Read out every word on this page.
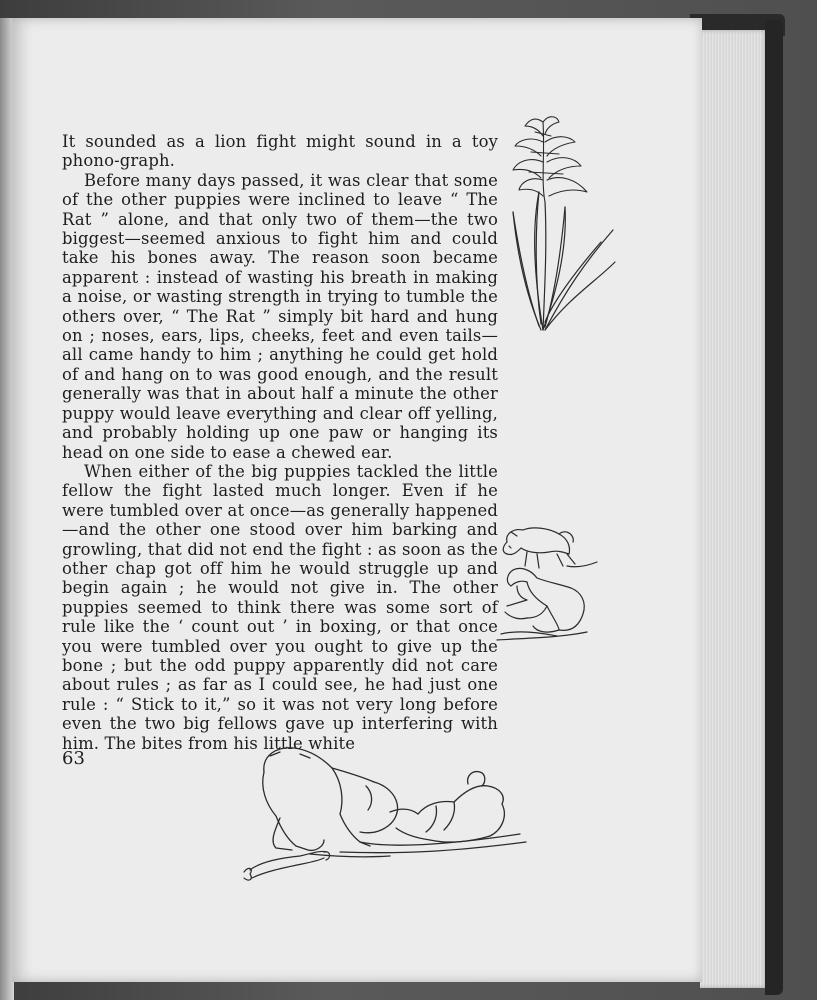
It sounded as a lion fight might sound in a toy phono-graph.

Before many days passed, it was clear that some of the other puppies were inclined to leave “ The Rat ” alone, and that only two of them—the two biggest—seemed anxious to fight him and could take his bones away. The reason soon became apparent : instead of wasting his breath in making a noise, or wasting strength in trying to tumble the others over, “ The Rat ” simply bit hard and hung on ; noses, ears, lips, cheeks, feet and even tails—all came handy to him ; anything he could get hold of and hang on to was good enough, and the result generally was that in about half a minute the other puppy would leave everything and clear off yelling, and probably holding up one paw or hanging its head on one side to ease a chewed ear.

When either of the big puppies tackled the little fellow the fight lasted much longer. Even if he were tumbled over at once—as generally happened—and the other one stood over him barking and growling, that did not end the fight : as soon as the other chap got off him he would struggle up and begin again ; he would not give in. The other puppies seemed to think there was some sort of rule like the ‘ count out ’ in boxing, or that once you were tumbled over you ought to give up the bone ; but the odd puppy apparently did not care about rules ; as far as I could see, he had just one rule : “ Stick to it,” so it was not very long before even the two big fellows gave up interfering with him. The bites from his little white

63
